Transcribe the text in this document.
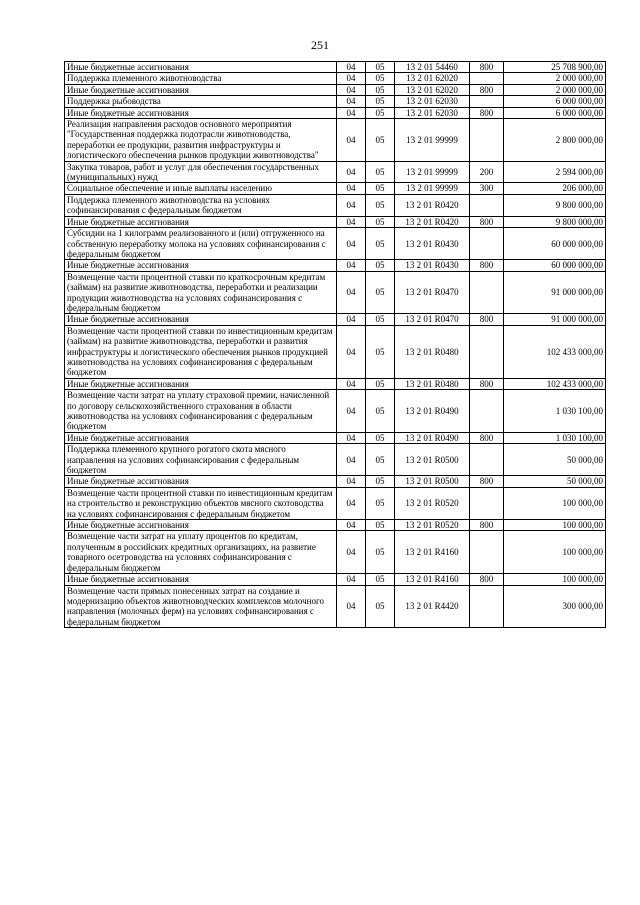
251
Иные бюджетные ассигнования	04	05	13 2 01 54460	800	25 708 900,00
Поддержка племенного животноводства	04	05	13 2 01 62020		2 000 000,00
Иные бюджетные ассигнования	04	05	13 2 01 62020	800	2 000 000,00
Поддержка рыбоводства	04	05	13 2 01 62030		6 000 000,00
Иные бюджетные ассигнования	04	05	13 2 01 62030	800	6 000 000,00
Реализация направления расходов основного мероприятия "Государственная поддержка подотрасли животноводства, переработки ее продукции, развития инфраструктуры и логистического обеспечения рынков продукции животноводства"	04	05	13 2 01 99999		2 800 000,00
Закупка товаров, работ и услуг для обеспечения государственных (муниципальных) нужд	04	05	13 2 01 99999	200	2 594 000,00
Социальное обеспечение и иные выплаты населению	04	05	13 2 01 99999	300	206 000,00
Поддержка племенного животноводства на условиях софинансирования с федеральным бюджетом	04	05	13 2 01 R0420		9 800 000,00
Иные бюджетные ассигнования	04	05	13 2 01 R0420	800	9 800 000,00
Субсидии на 1 килограмм реализованного и (или) отгруженного на собственную переработку молока на условиях софинансирования с федеральным бюджетом	04	05	13 2 01 R0430		60 000 000,00
Иные бюджетные ассигнования	04	05	13 2 01 R0430	800	60 000 000,00
Возмещение части процентной ставки по краткосрочным кредитам (займам) на развитие животноводства, переработки и реализации продукции животноводства на условиях софинансирования с федеральным бюджетом	04	05	13 2 01 R0470		91 000 000,00
Иные бюджетные ассигнования	04	05	13 2 01 R0470	800	91 000 000,00
Возмещение части процентной ставки по инвестиционным кредитам (займам) на развитие животноводства, переработки и развития инфраструктуры и логистического обеспечения рынков продукцией животноводства на условиях софинансирования с федеральным бюджетом	04	05	13 2 01 R0480		102 433 000,00
Иные бюджетные ассигнования	04	05	13 2 01 R0480	800	102 433 000,00
Возмещение части затрат на уплату страховой премии, начисленной по договору сельскохозяйственного страхования в области животноводства на условиях софинансирования с федеральным бюджетом	04	05	13 2 01 R0490		1 030 100,00
Иные бюджетные ассигнования	04	05	13 2 01 R0490	800	1 030 100,00
Поддержка племенного крупного рогатого скота мясного направления на условиях софинансирования с федеральным бюджетом	04	05	13 2 01 R0500		50 000,00
Иные бюджетные ассигнования	04	05	13 2 01 R0500	800	50 000,00
Возмещение части процентной ставки по инвестиционным кредитам на строительство и реконструкцию объектов мясного скотоводства на условиях софинансирования с федеральным бюджетом	04	05	13 2 01 R0520		100 000,00
Иные бюджетные ассигнования	04	05	13 2 01 R0520	800	100 000,00
Возмещение части затрат на уплату процентов по кредитам, полученным в российских кредитных организациях, на развитие товарного осетроводства на условиях софинансирования с федеральным бюджетом	04	05	13 2 01 R4160		100 000,00
Иные бюджетные ассигнования	04	05	13 2 01 R4160	800	100 000,00
Возмещение части прямых понесенных затрат на создание и модернизацию объектов животноводческих комплексов молочного направления (молочных ферм) на условиях софинансирования с федеральным бюджетом	04	05	13 2 01 R4420		300 000,00
